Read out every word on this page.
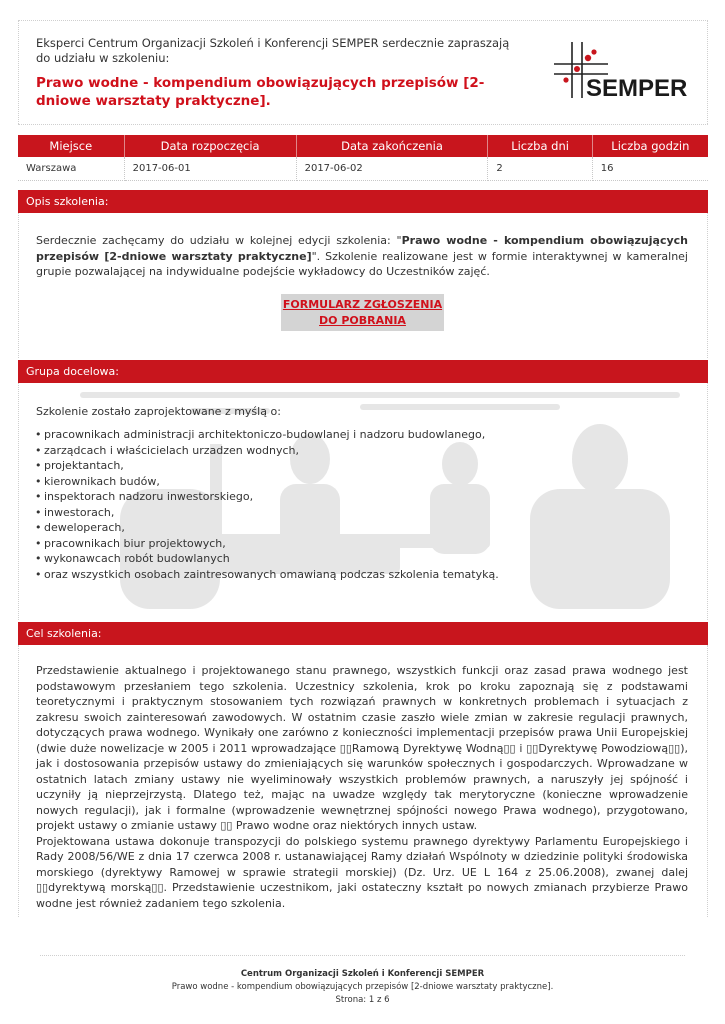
Eksperci Centrum Organizacji Szkoleń i Konferencji SEMPER serdecznie zapraszają do udziału w szkoleniu:
Prawo wodne - kompendium obowiązujących przepisów [2-dniowe warsztaty praktyczne].	SEMPER
Miejsce	Data rozpoczęcia	Data zakończenia	Liczba dni	Liczba godzin
Warszawa	2017-06-01	2017-06-02	2	16
Opis szkolenia:
Serdecznie zachęcamy do udziału w kolejnej edycji szkolenia: "Prawo wodne - kompendium obowiązujących przepisów [2-dniowe warsztaty praktyczne]". Szkolenie realizowane jest w formie interaktywnej w kameralnej grupie pozwalającej na indywidualne podejście wykładowcy do Uczestników zajęć.
FORMULARZ ZGŁOSZENIA
DO POBRANIA
Grupa docelowa:
Szkolenie zostało zaprojektowane z myślą o:
• pracownikach administracji architektoniczo-budowlanej i nadzoru budowlanego,
• zarządcach i właścicielach urzadzen wodnych,
• projektantach,
• kierownikach budów,
• inspektorach nadzoru inwestorskiego,
• inwestorach,
• deweloperach,
• pracownikach biur projektowych,
• wykonawcach robót budowlanych
• oraz wszystkich osobach zaintresowanych omawianą podczas szkolenia tematyką.
Cel szkolenia:

Przedstawienie aktualnego i projektowanego stanu prawnego, wszystkich funkcji oraz zasad prawa wodnego jest podstawowym przesłaniem tego szkolenia. Uczestnicy szkolenia, krok po kroku zapoznają się z podstawami teoretycznymi i praktycznym stosowaniem tych rozwiązań prawnych w konkretnych problemach i sytuacjach z zakresu swoich zainteresowań zawodowych. W ostatnim czasie zaszło wiele zmian w zakresie regulacji prawnych, dotyczących prawa wodnego. Wynikały one zarówno z konieczności implementacji przepisów prawa Unii Europejskiej (dwie duże nowelizacje w 2005 i 2011 wprowadzające ▯▯Ramową Dyrektywę Wodną▯▯ i ▯▯Dyrektywę Powodziową▯▯), jak i dostosowania przepisów ustawy do zmieniających się warunków społecznych i gospodarczych. Wprowadzane w ostatnich latach zmiany ustawy nie wyeliminowały wszystkich problemów prawnych, a naruszyły jej spójność i uczyniły ją nieprzejrzystą. Dlatego też, mając na uwadze względy tak merytoryczne (konieczne wprowadzenie nowych regulacji), jak i formalne (wprowadzenie wewnętrznej spójności nowego Prawa wodnego), przygotowano, projekt ustawy o zmianie ustawy ▯▯ Prawo wodne oraz niektórych innych ustaw.

Projektowana ustawa dokonuje transpozycji do polskiego systemu prawnego dyrektywy Parlamentu Europejskiego i Rady 2008/56/WE z dnia 17 czerwca 2008 r. ustanawiającej Ramy działań Wspólnoty w dziedzinie polityki środowiska morskiego (dyrektywy Ramowej w sprawie strategii morskiej) (Dz. Urz. UE L 164 z 25.06.2008), zwanej dalej ▯▯dyrektywą morską▯▯. Przedstawienie uczestnikom, jaki ostateczny kształt po nowych zmianach przybierze Prawo wodne jest również zadaniem tego szkolenia.

Centrum Organizacji Szkoleń i Konferencji SEMPER
Prawo wodne - kompendium obowiązujących przepisów [2-dniowe warsztaty praktyczne].
Strona: 1 z 6
